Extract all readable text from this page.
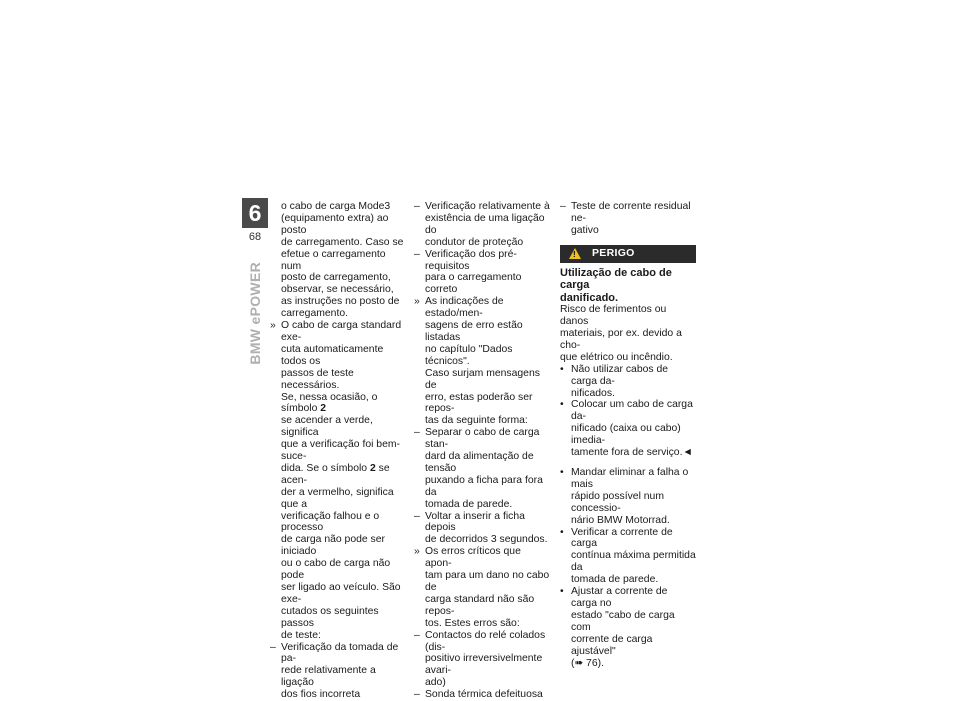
6
68
BMW ePOWER
o cabo de carga Mode3
(equipamento extra) ao posto
de carregamento. Caso se
efetue o carregamento num
posto de carregamento,
observar, se necessário,
as instruções no posto de
carregamento.
» O cabo de carga standard exe-
cuta automaticamente todos os
passos de teste necessários.
Se, nessa ocasião, o símbolo 2
se acender a verde, significa
que a verificação foi bem-suce-
dida. Se o símbolo 2 se acen-
der a vermelho, significa que a
verificação falhou e o processo
de carga não pode ser iniciado
ou o cabo de carga não pode
ser ligado ao veículo. São exe-
cutados os seguintes passos
de teste:
– Verificação da tomada de pa-
rede relativamente a ligação
dos fios incorreta
– Verificação relativamente à
existência de uma ligação do
condutor de proteção
– Verificação dos pré-requisitos
para o carregamento correto
» As indicações de estado/men-
sagens de erro estão listadas
no capítulo "Dados técnicos".
Caso surjam mensagens de
erro, estas poderão ser repos-
tas da seguinte forma:
– Separar o cabo de carga stan-
dard da alimentação de tensão
puxando a ficha para fora da
tomada de parede.
– Voltar a inserir a ficha depois
de decorridos 3 segundos.
» Os erros críticos que apon-
tam para um dano no cabo de
carga standard não são repos-
tos. Estes erros são:
– Contactos do relé colados (dis-
positivo irreversivelmente avari-
ado)
– Sonda térmica defeituosa
– Teste de corrente residual ne-
gativo
!
PERIGO
Utilização de cabo de carga
danificado.
Risco de ferimentos ou danos
materiais, por ex. devido a cho-
que elétrico ou incêndio.
• Não utilizar cabos de carga da-
nificados.
• Colocar um cabo de carga da-
nificado (caixa ou cabo) imedia-
tamente fora de serviço.◄
• Mandar eliminar a falha o mais
rápido possível num concessio-
nário BMW Motorrad.
• Verificar a corrente de carga
contínua máxima permitida da
tomada de parede.
• Ajustar a corrente de carga no
estado "cabo de carga com
corrente de carga ajustável"
(➠ 76).
